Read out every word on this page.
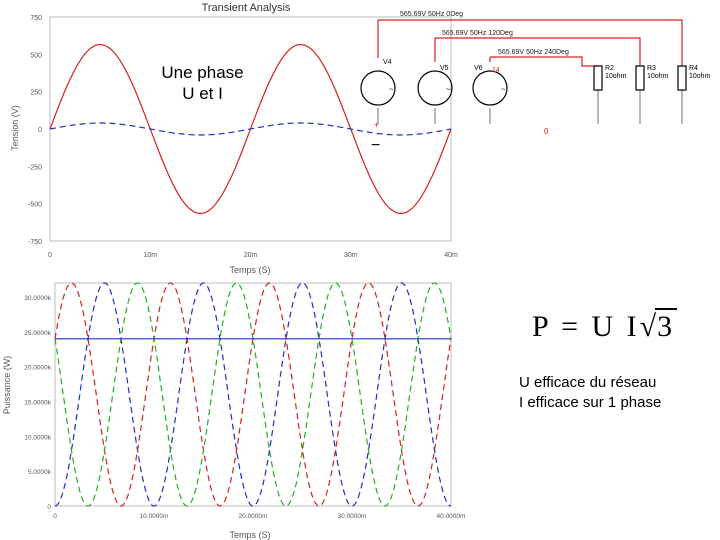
Transient Analysis
750
500
250
0
-250
-500
-750
0	10m	20m	30m	40m
Tension (V)
Temps (S)
30.0000k
25.0000k
20.0000k
15.0000k
10.0000k
5.0000k
0
0	10.0000m	20.0000m	30.0000m	40.0000m
Puissance (W)
Temps (S)
~
V4
~
V5
~
V6
565.69V 50Hz 0Deg
565.69V 50Hz 120Deg
565.69V 50Hz 240Deg
R2
10ohm
R3
10ohm
R4
10ohm
14
0
+
−
Une phase
U et I
P = U I√3
U efficace du réseau
I efficace sur 1 phase
